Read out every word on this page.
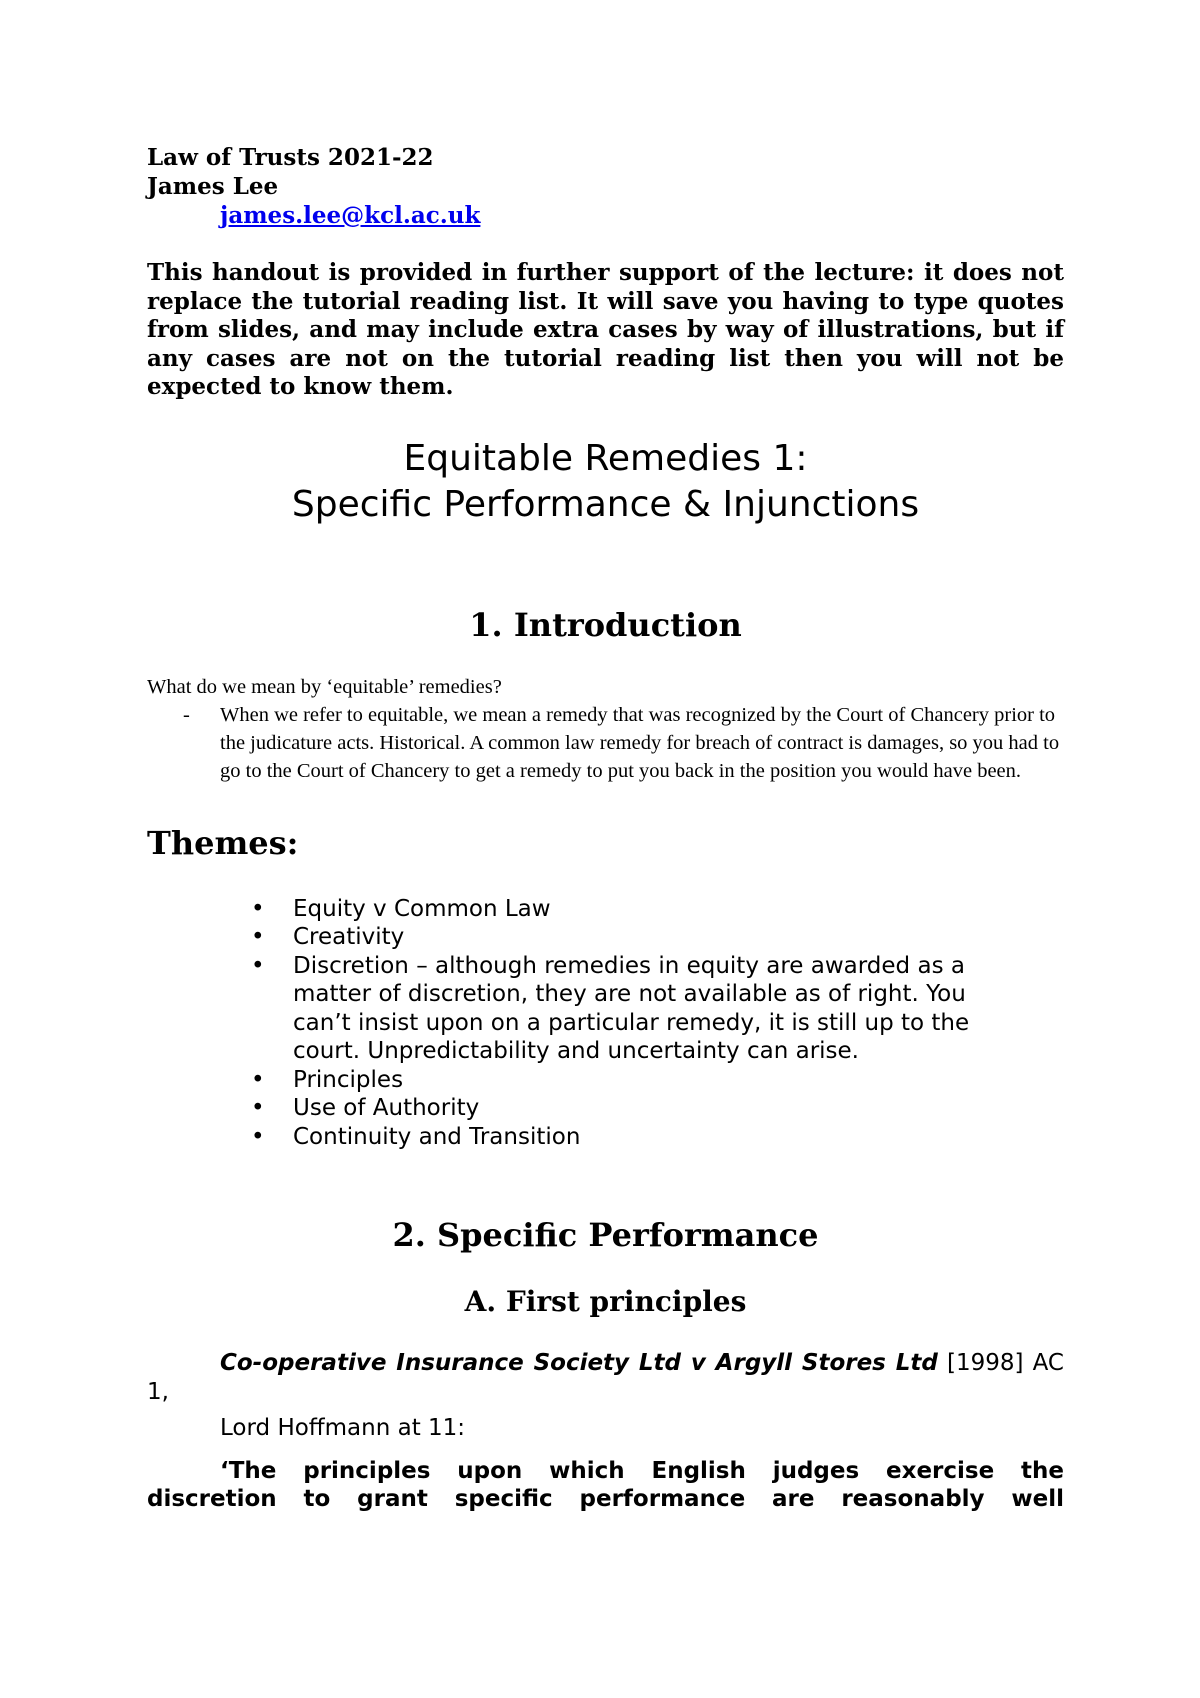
Law of Trusts 2021-22
James Lee
james.lee@kcl.ac.uk
This handout is provided in further support of the lecture: it does not replace the tutorial reading list. It will save you having to type quotes from slides, and may include extra cases by way of illustrations, but if any cases are not on the tutorial reading list then you will not be expected to know them.
Equitable Remedies 1:
Specific Performance & Injunctions
1. Introduction
What do we mean by ‘equitable’ remedies?
- When we refer to equitable, we mean a remedy that was recognized by the Court of Chancery prior to the judicature acts. Historical. A common law remedy for breach of contract is damages, so you had to go to the Court of Chancery to get a remedy to put you back in the position you would have been.
Themes:
• Equity v Common Law
• Creativity
• Discretion – although remedies in equity are awarded as a matter of discretion, they are not available as of right. You can’t insist upon on a particular remedy, it is still up to the court. Unpredictability and uncertainty can arise.
• Principles
• Use of Authority
• Continuity and Transition
2. Specific Performance
A. First principles
Co-operative Insurance Society Ltd v Argyll Stores Ltd [1998] AC 1,
Lord Hoffmann at 11:
‘The principles upon which English judges exercise the discretion to grant specific performance are reasonably well
